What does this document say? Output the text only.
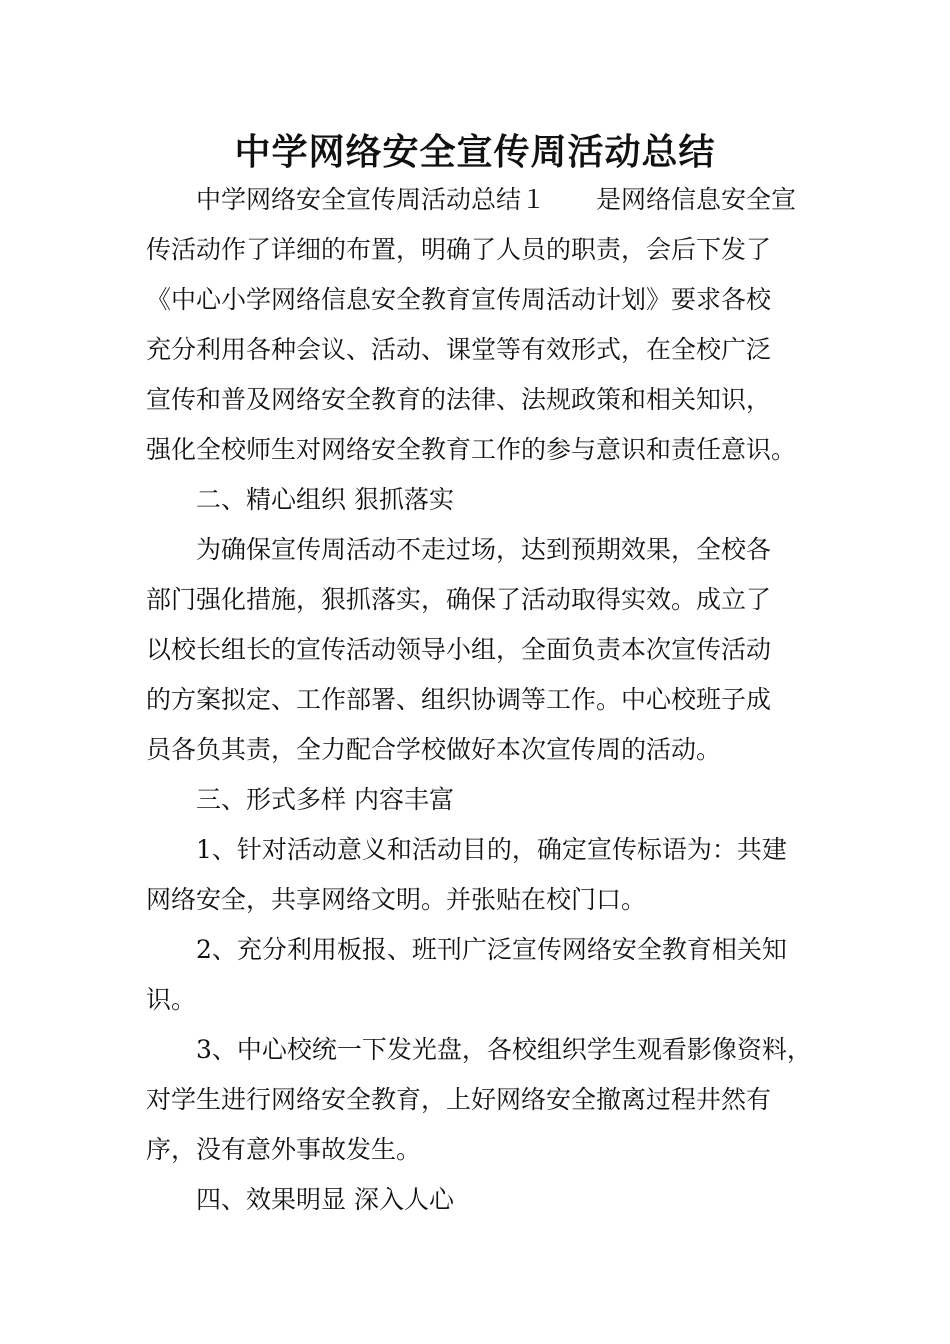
中学网络安全宣传周活动总结
中学网络安全宣传周活动总结１　　是网络信息安全宣
传活动作了详细的布置，明确了人员的职责，会后下发了
《中心小学网络信息安全教育宣传周活动计划》要求各校
充分利用各种会议、活动、课堂等有效形式，在全校广泛
宣传和普及网络安全教育的法律、法规政策和相关知识，
强化全校师生对网络安全教育工作的参与意识和责任意识。
二、精心组织 狠抓落实
为确保宣传周活动不走过场，达到预期效果，全校各
部门强化措施，狠抓落实，确保了活动取得实效。成立了
以校长组长的宣传活动领导小组，全面负责本次宣传活动
的方案拟定、工作部署、组织协调等工作。中心校班子成
员各负其责，全力配合学校做好本次宣传周的活动。
三、形式多样 内容丰富
1、针对活动意义和活动目的，确定宣传标语为：共建
网络安全，共享网络文明。并张贴在校门口。
2、充分利用板报、班刊广泛宣传网络安全教育相关知
识。
3、中心校统一下发光盘，各校组织学生观看影像资料，
对学生进行网络安全教育，上好网络安全撤离过程井然有
序，没有意外事故发生。
四、效果明显 深入人心
